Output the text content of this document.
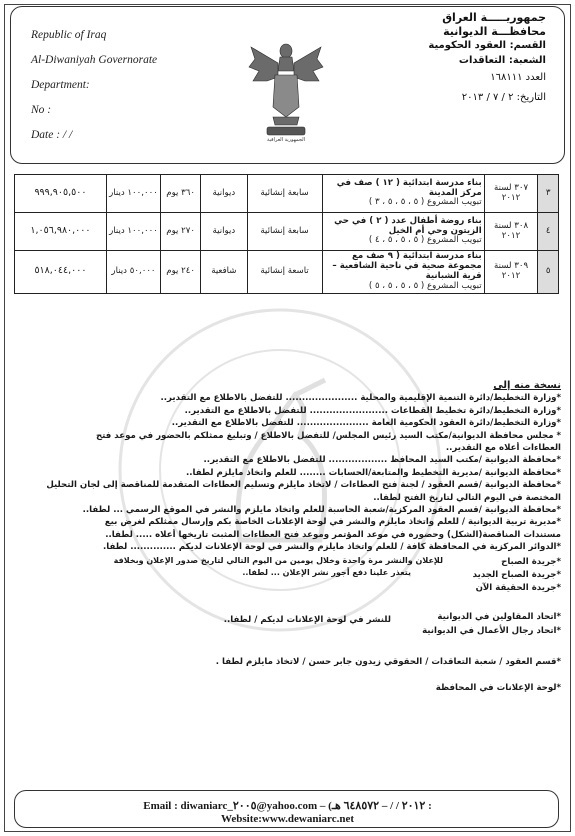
Republic of Iraq
Al-Diwaniyah Governorate
Department:
No :
Date : / /	الجمهورية العراقية
جمهوريـــــة العراق
محافظـــة الديوانية
القسم: العقود الحكومية
الشعبة: التعاقدات
العدد ١٦٨١١١
التاريخ: ٢ / ٧ / ٢٠١٣
٩٩٩,٩٠٥,٥٠٠	١٠٠,٠٠٠ دينار	٣٦٠ يوم	ديوانية	سابعة إنشائية	بناء مدرسة ابتدائية ( ١٢ ) صف في مركز المدينة
تبويب المشروع ( ٥ ، ٥ ، ٥ ، ٣ )	٣٠٧ لسنة ٢٠١٢	٣
١,٠٥٦,٩٨٠,٠٠٠	١٠٠,٠٠٠ دينار	٢٧٠ يوم	ديوانية	سابعة إنشائية	بناء روضة أطفال عدد ( ٢ ) في حي الزيتون وحي أم الخيل
تبويب المشروع ( ٥ ، ٥ ، ٥ ، ٤ )	٣٠٨ لسنة ٢٠١٢	٤
٥١٨,٠٤٤,٠٠٠	٥٠,٠٠٠ دينار	٢٤٠ يوم	شافعية	تاسعة إنشائية	بناء مدرسة ابتدائية ( ٩ صف مع مجموعة صحية في ناحية الشافعية – قرية الشبانية
تبويب المشروع ( ٥ ، ٥ ، ٥ ، ٥ )	٣٠٩ لسنة ٢٠١٢	٥

نسخة منه إلى

*وزارة التخطيط/دائرة التنمية الإقليمية والمحلية ...................... للتفضل بالاطلاع مع التقدير..

*وزارة التخطيط/دائرة تخطيط القطاعات ........................ للتفضل بالاطلاع مع التقدير..

*وزارة التخطيط/دائرة العقود الحكومية العامة ...................... للتفضل بالاطلاع مع التقدير..

* مجلس محافظة الديوانية/مكتب السيد رئيس المجلس/ للتفضل بالاطلاع / وتبليغ ممثلكم بالحضور في موعد فتح

العطاءات أعلاه مع التقدير..

*محافظة الديوانية /مكتب السيد المحافظ .................. للتفضل بالاطلاع مع التقدير..

*محافظة الديوانية /مديرية التخطيط والمتابعة/الحسابات ........ للعلم واتخاذ مايلزم لطفا..

*محافظة الديوانية /قسم العقود / لجنة فتح العطاءات / لاتخاذ مايلزم وتسليم العطاءات المتقدمة للمناقصة إلى لجان التحليل

المختصة في اليوم التالي لتاريخ الفتح لطفا..

*محافظة الديوانية /قسم العقود المركزية/شعبة الحاسبة للعلم واتخاذ مايلزم والنشر في الموقع الرسمي ... لطفا..

*مديرية تربية الديوانية / للعلم واتخاذ مايلزم والنشر في لوحة الإعلانات الخاصة بكم وإرسال ممثلكم لغرض بيع

مستندات المناقصة(الشكل) وحضوره في موعد المؤتمر وموعد فتح العطاءات المثبت تاريخها أعلاه ..... لطفا..

*الدوائر المركزية في المحافظة كافة / للعلم واتخاذ مايلزم والنشر في لوحة الإعلانات لديكم .............. لطفا.

*جريدة الصباح
*جريدة الصباح الجديد
*جريدة الحقيقة الآن
للإعلان والنشر مرة واحدة وخلال يومين من اليوم التالي لتاريخ صدور الإعلان وبخلافة
يتعذر علينا دفع أجور نشر الإعلان ... لطفا..
*اتحاد المقاولين في الديوانية
*اتحاد رجال الأعمال في الديوانية
للنشر في لوحة الإعلانات لديكم / لطفا..

*قسم العقود / شعبة التعاقدات / الحقوقي زيدون جابر حسن / لاتخاذ مايلزم لطفا .

*لوحة الإعلانات في المحافظة

Email : diwaniarc_٢٠٠٥@yahoo.com – (٢٠١٢ / / – ٦٤٨٥٧٢ هـ :
Website:www.dewaniarc.net
